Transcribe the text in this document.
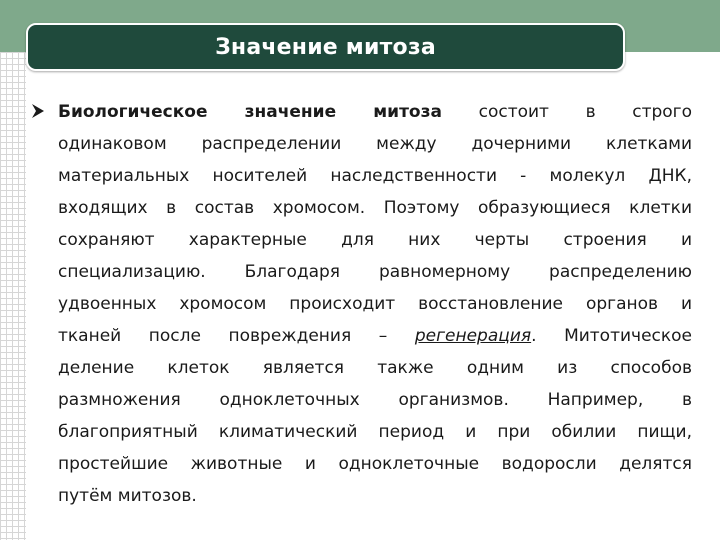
Значение митоза
Биологическое значение митоза состоит в строго
одинаковом распределении между дочерними клетками
материальных носителей наследственности - молекул ДНК,
входящих в состав хромосом. Поэтому образующиеся клетки
сохраняют характерные для них черты строения и
специализацию. Благодаря равномерному распределению
удвоенных хромосом происходит восстановление органов и
тканей после повреждения – регенерация. Митотическое
деление клеток является также одним из способов
размножения одноклеточных организмов. Например, в
благоприятный климатический период и при обилии пищи,
простейшие животные и одноклеточные водоросли делятся
путём митозов.
